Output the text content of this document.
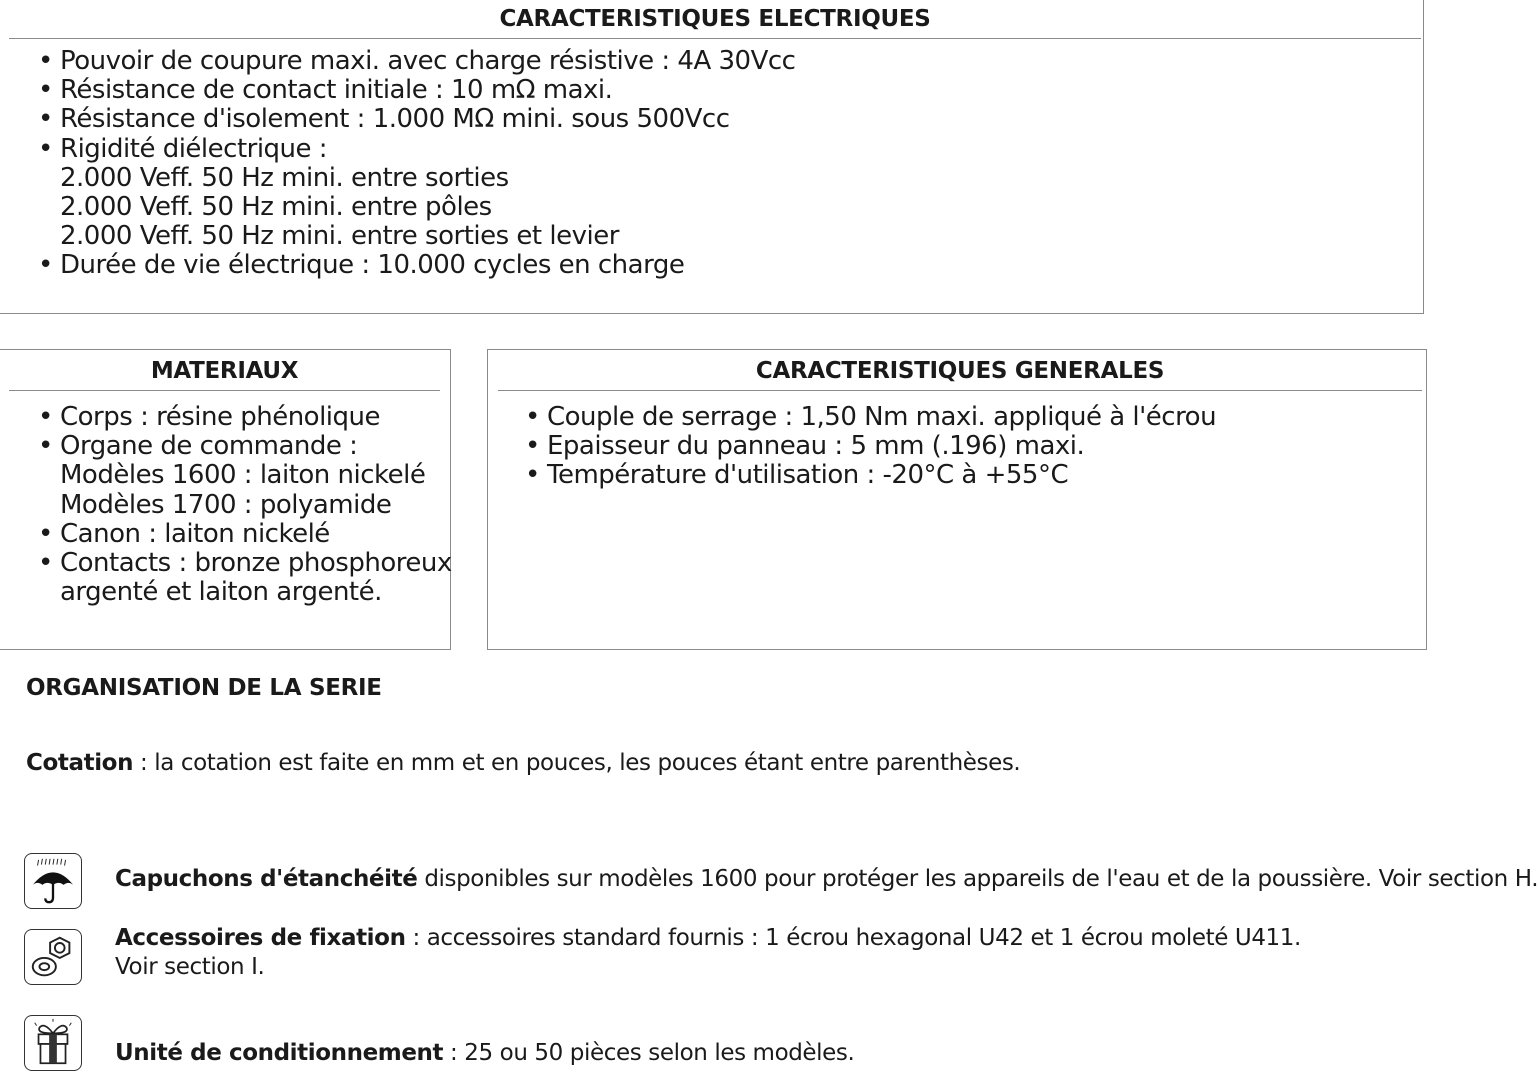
CARACTERISTIQUES ELECTRIQUES
• Pouvoir de coupure maxi. avec charge résistive : 4A 30Vcc
• Résistance de contact initiale : 10 mΩ maxi.
• Résistance d'isolement : 1.000 MΩ mini. sous 500Vcc
• Rigidité diélectrique :
2.000 Veff. 50 Hz mini. entre sorties
2.000 Veff. 50 Hz mini. entre pôles
2.000 Veff. 50 Hz mini. entre sorties et levier
• Durée de vie électrique : 10.000 cycles en charge
MATERIAUX
• Corps : résine phénolique
• Organe de commande :
Modèles 1600 : laiton nickelé
Modèles 1700 : polyamide
• Canon : laiton nickelé
• Contacts : bronze phosphoreux
argenté et laiton argenté.
CARACTERISTIQUES GENERALES
• Couple de serrage : 1,50 Nm maxi. appliqué à l'écrou
• Epaisseur du panneau : 5 mm (.196) maxi.
• Température d'utilisation : -20°C à +55°C
ORGANISATION DE LA SERIE
Cotation : la cotation est faite en mm et en pouces, les pouces étant entre parenthèses.
Capuchons d'étanchéité disponibles sur modèles 1600 pour protéger les appareils de l'eau et de la poussière. Voir section H.
Accessoires de fixation : accessoires standard fournis : 1 écrou hexagonal U42 et 1 écrou moleté U411.
Voir section I.
Unité de conditionnement : 25 ou 50 pièces selon les modèles.
